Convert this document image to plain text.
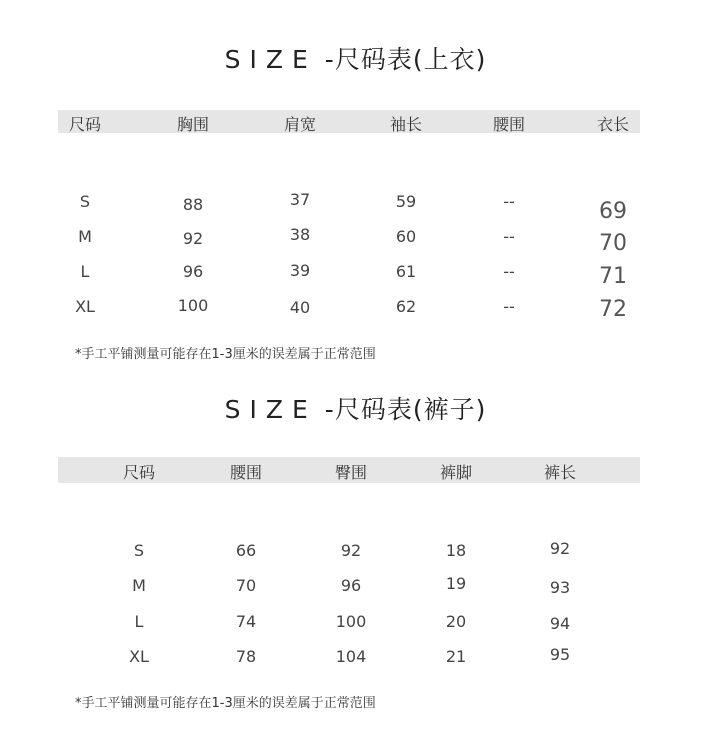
SIZE -尺码表(上衣)
尺码	胸围	肩宽	袖长	腰围	衣长
S	88	37	59	--	69
M	92	38	60	--	70
L	96	39	61	--	71
XL	100	40	62	--	72
*手工平铺测量可能存在1-3厘米的误差属于正常范围
SIZE -尺码表(裤子)
尺码	腰围	臀围	裤脚	裤长
S	66	92	18	92
M	70	96	19	93
L	74	100	20	94
XL	78	104	21	95
*手工平铺测量可能存在1-3厘米的误差属于正常范围
